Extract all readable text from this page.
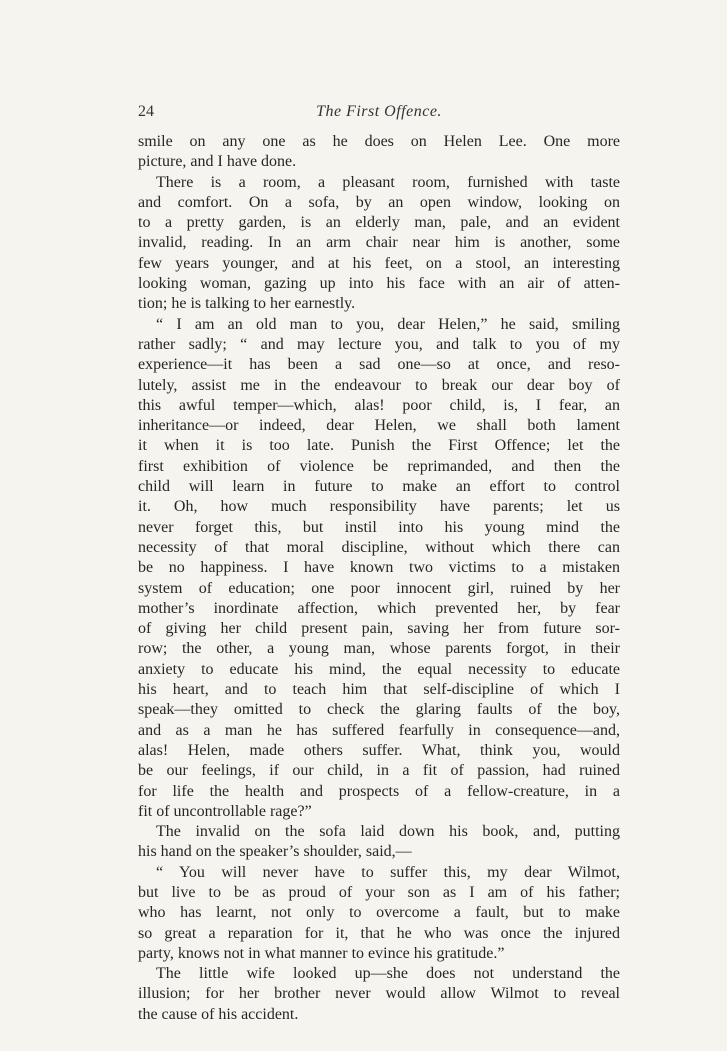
24	The First Offence.
smile on any one as he does on Helen Lee. One more
picture, and I have done.
There is a room, a pleasant room, furnished with taste
and comfort. On a sofa, by an open window, looking on
to a pretty garden, is an elderly man, pale, and an evident
invalid, reading. In an arm chair near him is another, some
few years younger, and at his feet, on a stool, an interesting
looking woman, gazing up into his face with an air of atten-
tion; he is talking to her earnestly.
“ I am an old man to you, dear Helen,” he said, smiling
rather sadly; “ and may lecture you, and talk to you of my
experience—it has been a sad one—so at once, and reso-
lutely, assist me in the endeavour to break our dear boy of
this awful temper—which, alas! poor child, is, I fear, an
inheritance—or indeed, dear Helen, we shall both lament
it when it is too late. Punish the First Offence; let the
first exhibition of violence be reprimanded, and then the
child will learn in future to make an effort to control
it. Oh, how much responsibility have parents; let us
never forget this, but instil into his young mind the
necessity of that moral discipline, without which there can
be no happiness. I have known two victims to a mistaken
system of education; one poor innocent girl, ruined by her
mother’s inordinate affection, which prevented her, by fear
of giving her child present pain, saving her from future sor-
row; the other, a young man, whose parents forgot, in their
anxiety to educate his mind, the equal necessity to educate
his heart, and to teach him that self-discipline of which I
speak—they omitted to check the glaring faults of the boy,
and as a man he has suffered fearfully in consequence—and,
alas! Helen, made others suffer. What, think you, would
be our feelings, if our child, in a fit of passion, had ruined
for life the health and prospects of a fellow-creature, in a
fit of uncontrollable rage?”
The invalid on the sofa laid down his book, and, putting
his hand on the speaker’s shoulder, said,—
“ You will never have to suffer this, my dear Wilmot,
but live to be as proud of your son as I am of his father;
who has learnt, not only to overcome a fault, but to make
so great a reparation for it, that he who was once the injured
party, knows not in what manner to evince his gratitude.”
The little wife looked up—she does not understand the
illusion; for her brother never would allow Wilmot to reveal
the cause of his accident.
